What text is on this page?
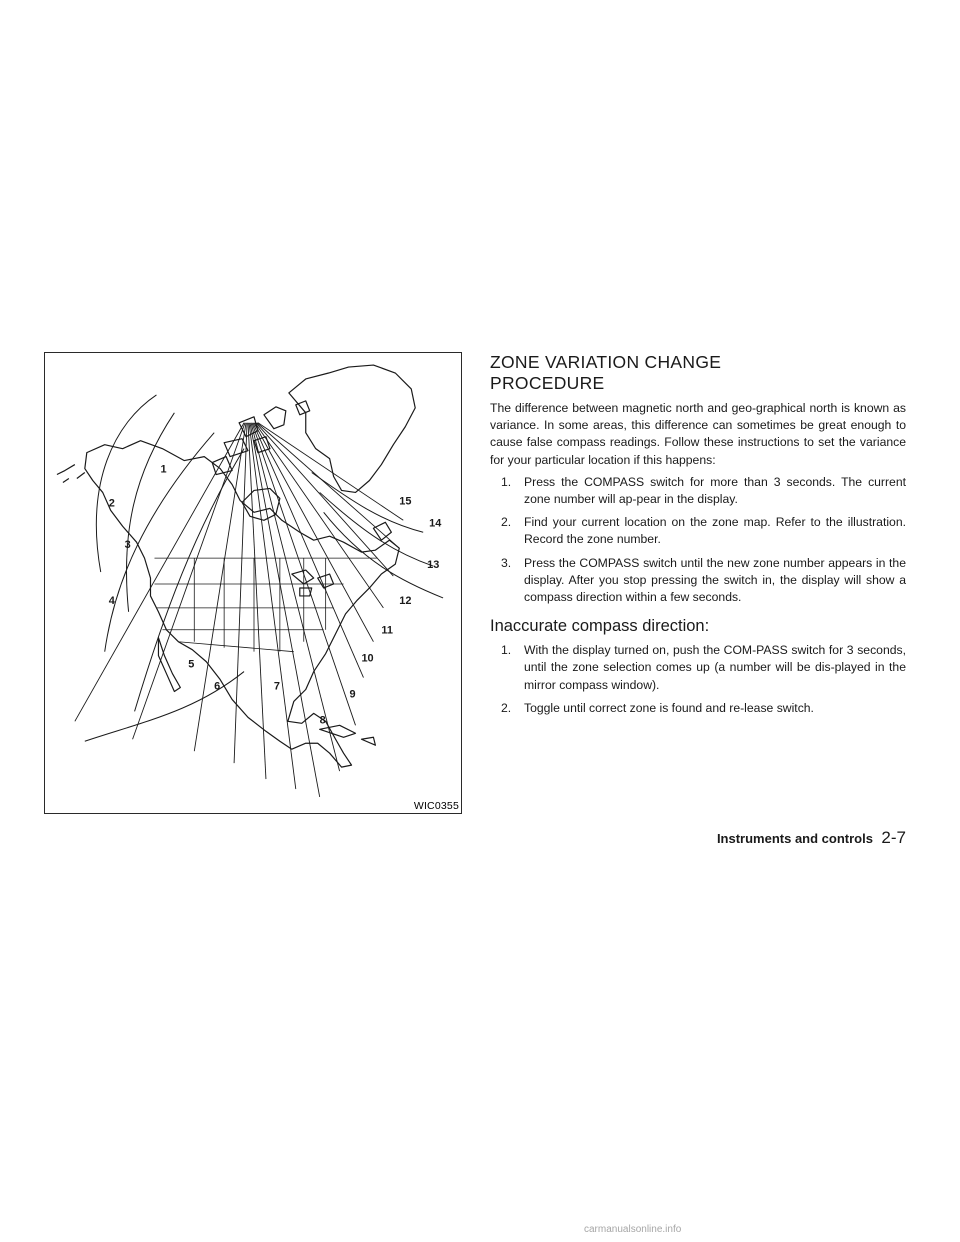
1
2
3
4
5
6	7
8
9
10
11
12
13
14
15
WIC0355
ZONE VARIATION CHANGE
PROCEDURE

The difference between magnetic north and geo-graphical north is known as variance. In some areas, this difference can sometimes be great enough to cause false compass readings. Follow these instructions to set the variance for your particular location if this happens:

1. Press the COMPASS switch for more than 3 seconds. The current zone number will ap-pear in the display.
2. Find your current location on the zone map. Refer to the illustration. Record the zone number.
3. Press the COMPASS switch until the new zone number appears in the display. After you stop pressing the switch in, the display will show a compass direction within a few seconds.
Inaccurate compass direction:
1. With the display turned on, push the COM-PASS switch for 3 seconds, until the zone selection comes up (a number will be dis-played in the mirror compass window).
2. Toggle until correct zone is found and re-lease switch.
Instruments and controls 2-7
carmanualsonline.info
